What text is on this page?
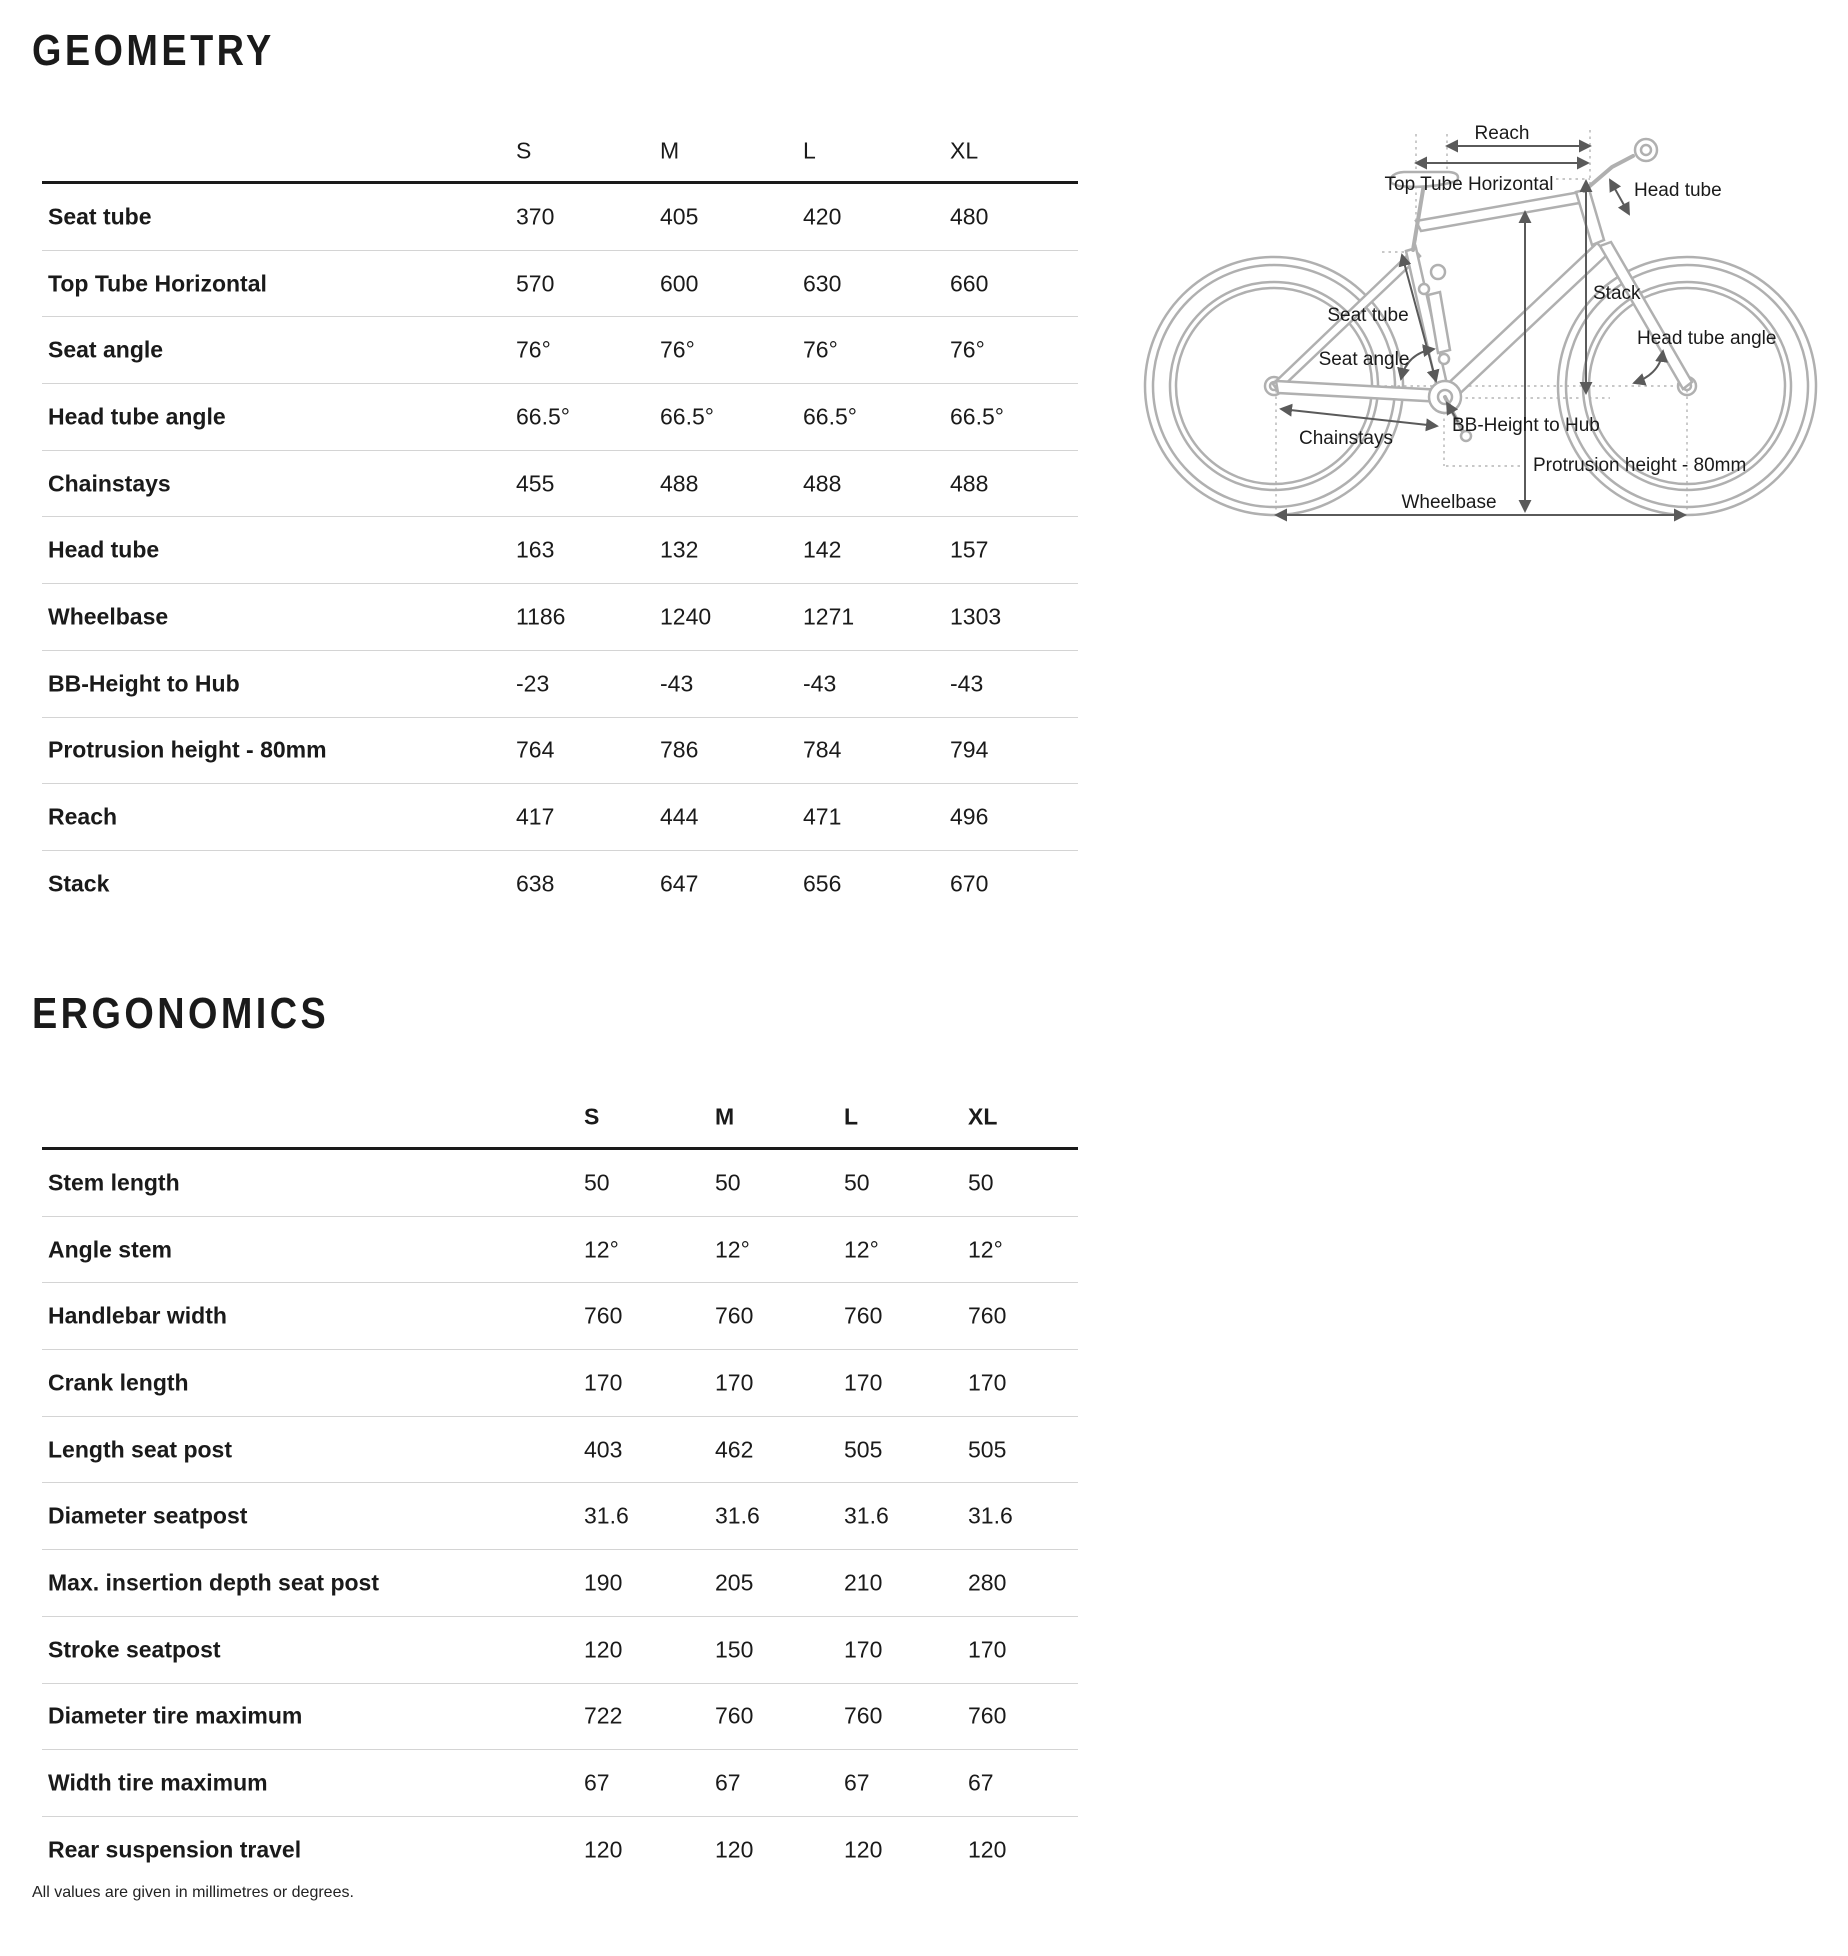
GEOMETRY
S	M	L	XL
Seat tube	370	405	420	480
Top Tube Horizontal	570	600	630	660
Seat angle	76°	76°	76°	76°
Head tube angle	66.5°	66.5°	66.5°	66.5°
Chainstays	455	488	488	488
Head tube	163	132	142	157
Wheelbase	1186	1240	1271	1303
BB-Height to Hub	-23	-43	-43	-43
Protrusion height - 80mm	764	786	784	794
Reach	417	444	471	496
Stack	638	647	656	670
ERGONOMICS
S	M	L	XL
Stem length	50	50	50	50
Angle stem	12°	12°	12°	12°
Handlebar width	760	760	760	760
Crank length	170	170	170	170
Length seat post	403	462	505	505
Diameter seatpost	31.6	31.6	31.6	31.6
Max. insertion depth seat post	190	205	210	280
Stroke seatpost	120	150	170	170
Diameter tire maximum	722	760	760	760
Width tire maximum	67	67	67	67
Rear suspension travel	120	120	120	120
All values are given in millimetres or degrees.
Reach
Top Tube Horizontal	Head tube
Stack
Seat tube
Seat angle
Head tube angle
Chainstays
BB-Height to Hub
Protrusion height - 80mm
Wheelbase
